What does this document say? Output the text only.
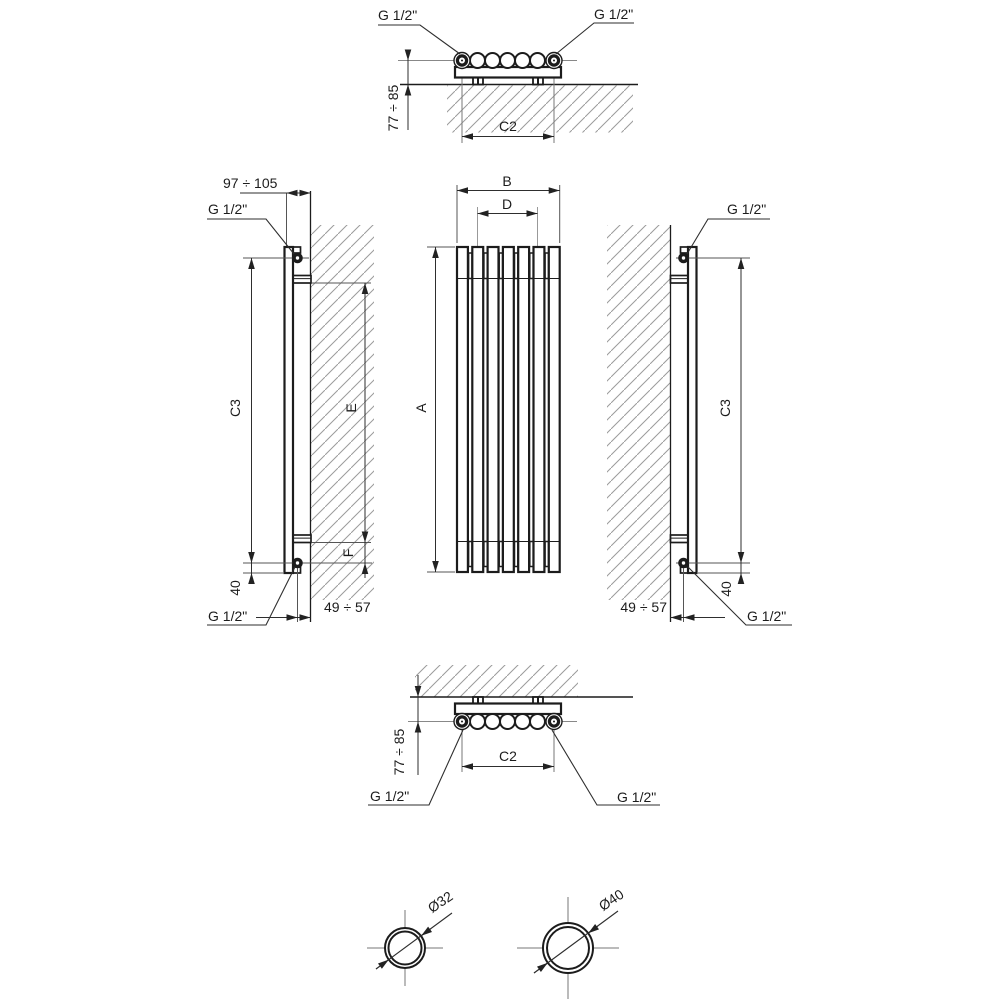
G 1/2"	G 1/2"
77 ÷ 85	C2
B
D
A
97 ÷ 105
G 1/2"
G 1/2"
C3	E
F
40
49 ÷ 57
G 1/2"
G 1/2"
C3
40
49 ÷ 57
G 1/2"	G 1/2"
77 ÷ 85	C2
Ø32	Ø40
